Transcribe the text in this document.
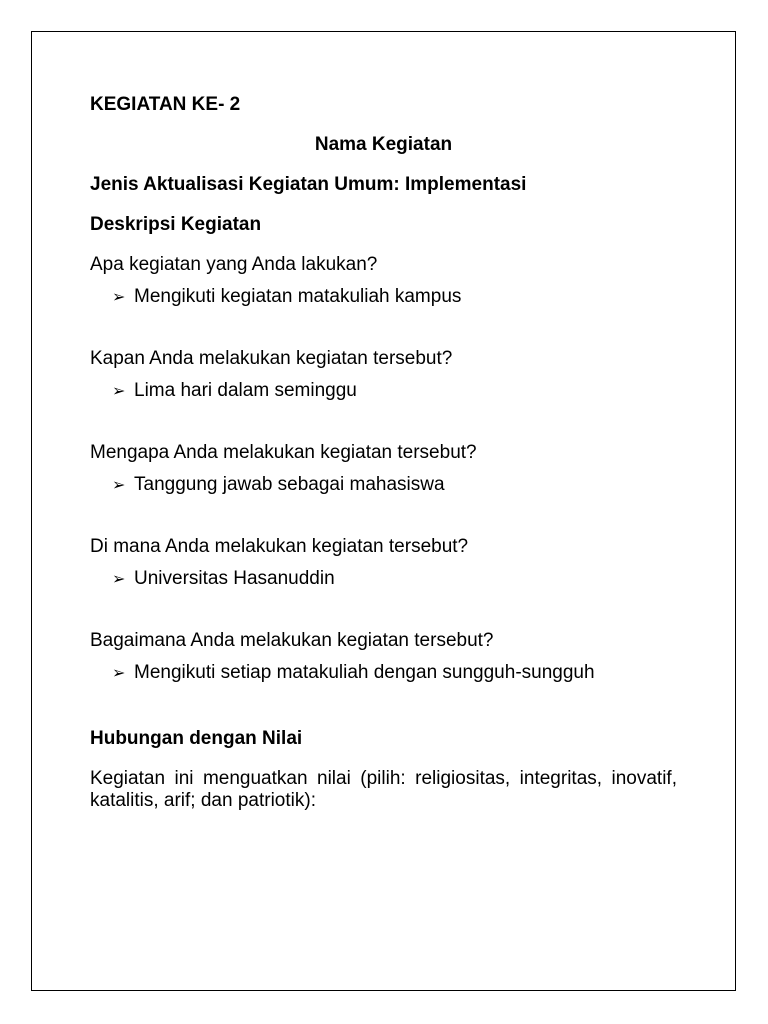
KEGIATAN KE- 2

Nama Kegiatan

Jenis Aktualisasi Kegiatan Umum: Implementasi

Deskripsi Kegiatan

Apa kegiatan yang Anda lakukan?

➢ Mengikuti kegiatan matakuliah kampus

Kapan Anda melakukan kegiatan tersebut?

➢ Lima hari dalam seminggu

Mengapa Anda melakukan kegiatan tersebut?

➢ Tanggung jawab sebagai mahasiswa

Di mana Anda melakukan kegiatan tersebut?

➢ Universitas Hasanuddin

Bagaimana Anda melakukan kegiatan tersebut?

➢ Mengikuti setiap matakuliah dengan sungguh-sungguh

Hubungan dengan Nilai

Kegiatan ini menguatkan nilai (pilih: religiositas, integritas, inovatif, katalitis, arif; dan patriotik):
